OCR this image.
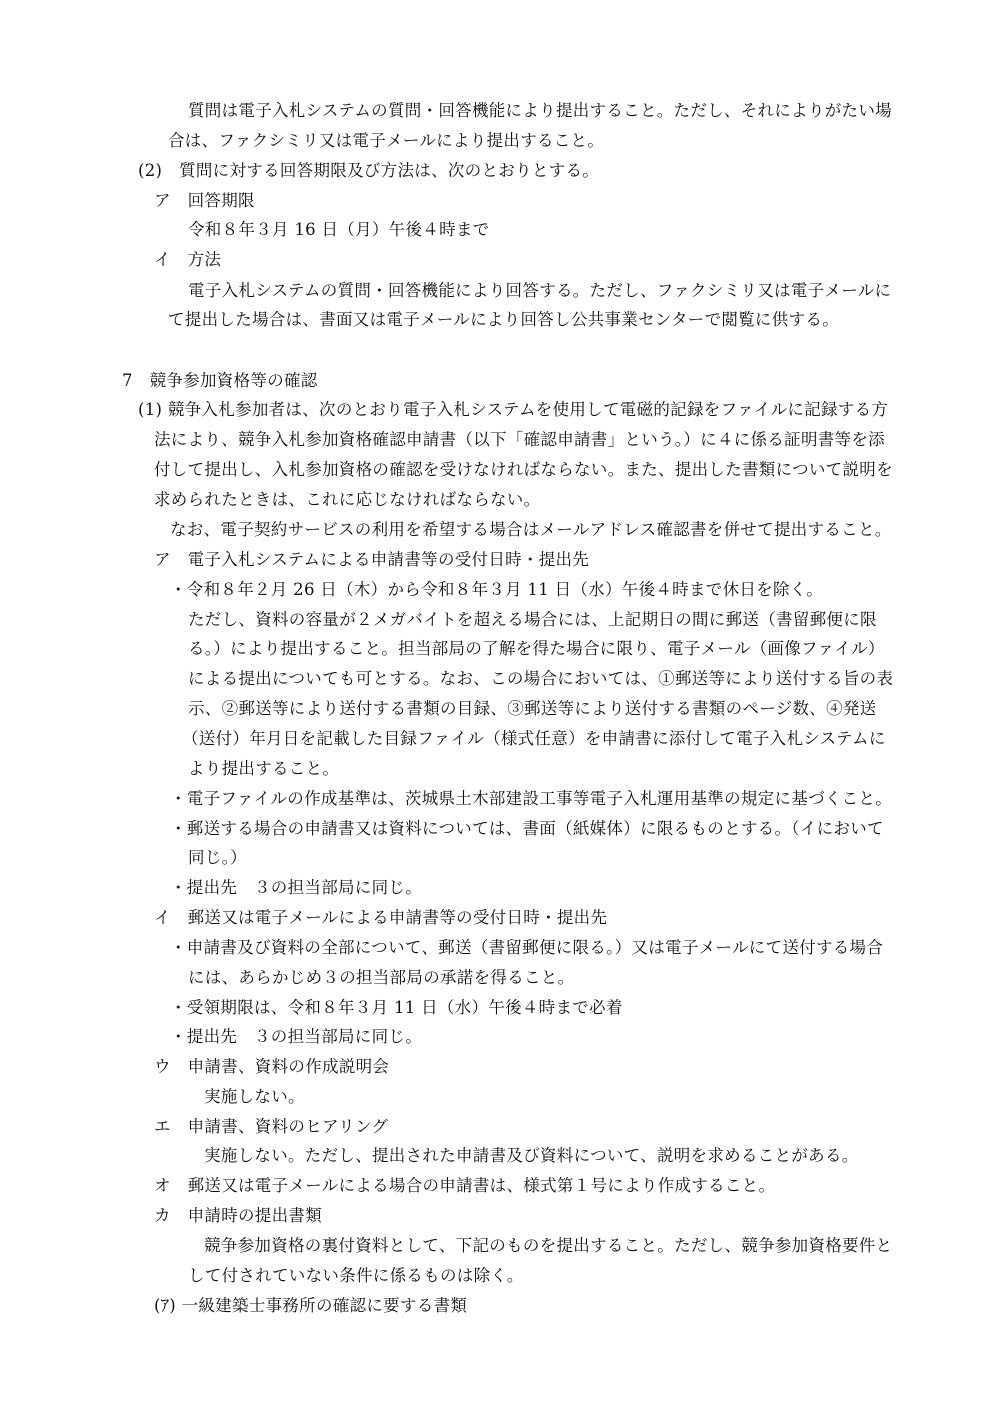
質問は電子入札システムの質問・回答機能により提出すること。ただし、それによりがたい場
合は、ファクシミリ又は電子メールにより提出すること。
(2)　質問に対する回答期限及び方法は、次のとおりとする。
ア　回答期限
令和８年３月 16 日（月）午後４時まで
イ　方法
電子入札システムの質問・回答機能により回答する。ただし、ファクシミリ又は電子メールに
て提出した場合は、書面又は電子メールにより回答し公共事業センターで閲覧に供する。
7　競争参加資格等の確認
(1) 競争入札参加者は、次のとおり電子入札システムを使用して電磁的記録をファイルに記録する方
法により、競争入札参加資格確認申請書（以下「確認申請書」という。）に４に係る証明書等を添
付して提出し、入札参加資格の確認を受けなければならない。また、提出した書類について説明を
求められたときは、これに応じなければならない。
なお、電子契約サービスの利用を希望する場合はメールアドレス確認書を併せて提出すること。
ア　電子入札システムによる申請書等の受付日時・提出先
・令和８年２月 26 日（木）から令和８年３月 11 日（水）午後４時まで休日を除く。
ただし、資料の容量が２メガバイトを超える場合には、上記期日の間に郵送（書留郵便に限
る。）により提出すること。担当部局の了解を得た場合に限り、電子メール（画像ファイル）
による提出についても可とする。なお、この場合においては、①郵送等により送付する旨の表
示、②郵送等により送付する書類の目録、③郵送等により送付する書類のページ数、④発送
（送付）年月日を記載した目録ファイル（様式任意）を申請書に添付して電子入札システムに
より提出すること。
・電子ファイルの作成基準は、茨城県土木部建設工事等電子入札運用基準の規定に基づくこと。
・郵送する場合の申請書又は資料については、書面（紙媒体）に限るものとする。（イにおいて
同じ。）
・提出先　３の担当部局に同じ。
イ　郵送又は電子メールによる申請書等の受付日時・提出先
・申請書及び資料の全部について、郵送（書留郵便に限る。）又は電子メールにて送付する場合
には、あらかじめ３の担当部局の承諾を得ること。
・受領期限は、令和８年３月 11 日（水）午後４時まで必着
・提出先　３の担当部局に同じ。
ウ　申請書、資料の作成説明会
実施しない。
エ　申請書、資料のヒアリング
実施しない。ただし、提出された申請書及び資料について、説明を求めることがある。
オ　郵送又は電子メールによる場合の申請書は、様式第１号により作成すること。
カ　申請時の提出書類
競争参加資格の裏付資料として、下記のものを提出すること。ただし、競争参加資格要件と
して付されていない条件に係るものは除く。
(ｱ) 一級建築士事務所の確認に要する書類
